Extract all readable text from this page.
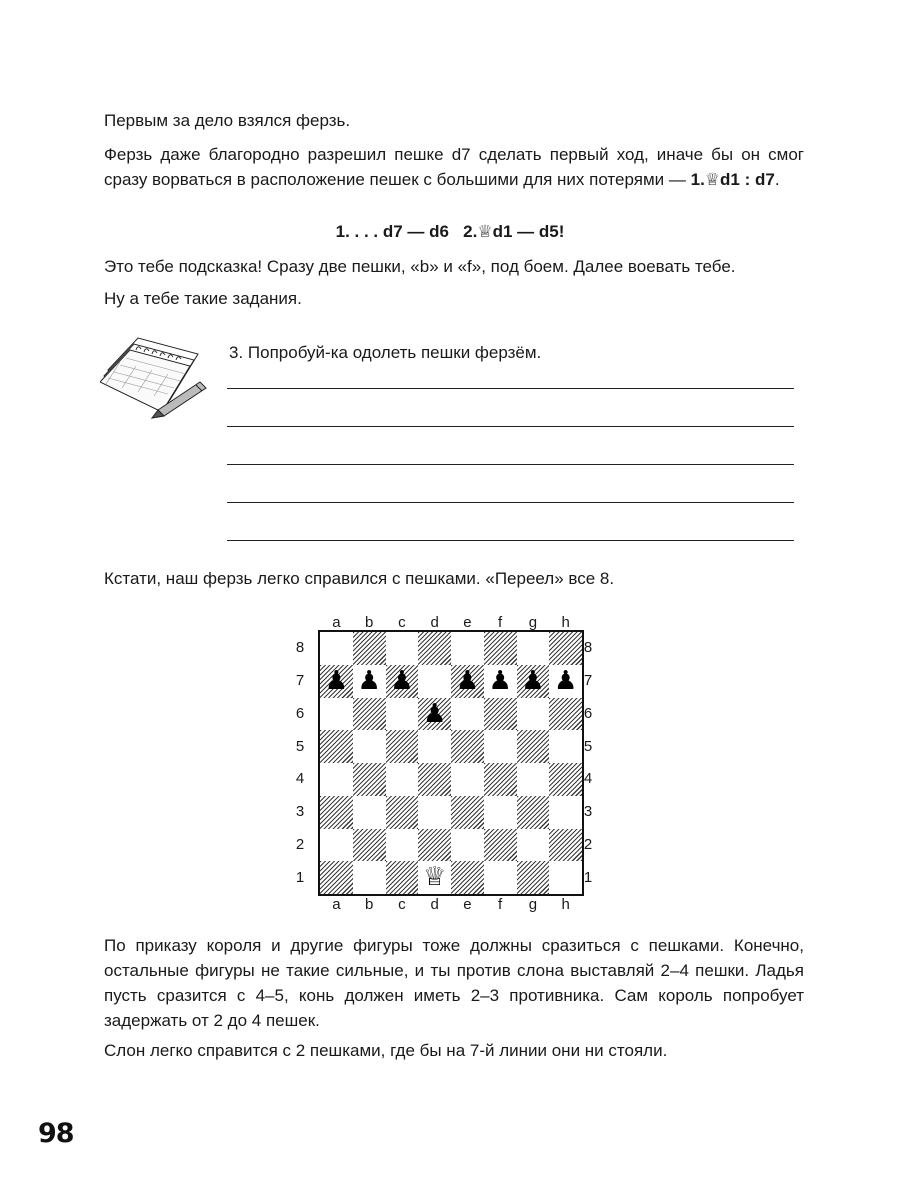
Первым за дело взялся ферзь.

Ферзь даже благородно разрешил пешке d7 сделать первый ход, иначе бы он смог сразу ворваться в расположение пешек с большими для них потерями — 1.♕d1 : d7.

1. . . . d7 — d6   2.♕d1 — d5!

Это тебе подсказка! Сразу две пешки, «b» и «f», под боем. Далее воевать тебе.

Ну а тебе такие задания.

3. Попробуй-ка одолеть пешки ферзём.

Кстати, наш ферзь легко справился с пешками. «Переел» все 8.

♟ ♟ ♟ ♟ ♟ ♟ ♟
♟
♕
a
a
b
b
c
c
d
d
e
e
f
f
g
g
h
h
8	8
7	7
6	6
5	5
4	4
3	3
2	2
1	1

По приказу короля и другие фигуры тоже должны сразиться с пешками. Конечно, остальные фигуры не такие сильные, и ты против слона выставляй 2–4 пешки. Ладья пусть сразится с 4–5, конь должен иметь 2–3 противника. Сам король попробует задержать от 2 до 4 пешек.

Слон легко справится с 2 пешками, где бы на 7-й линии они ни стояли.

98
